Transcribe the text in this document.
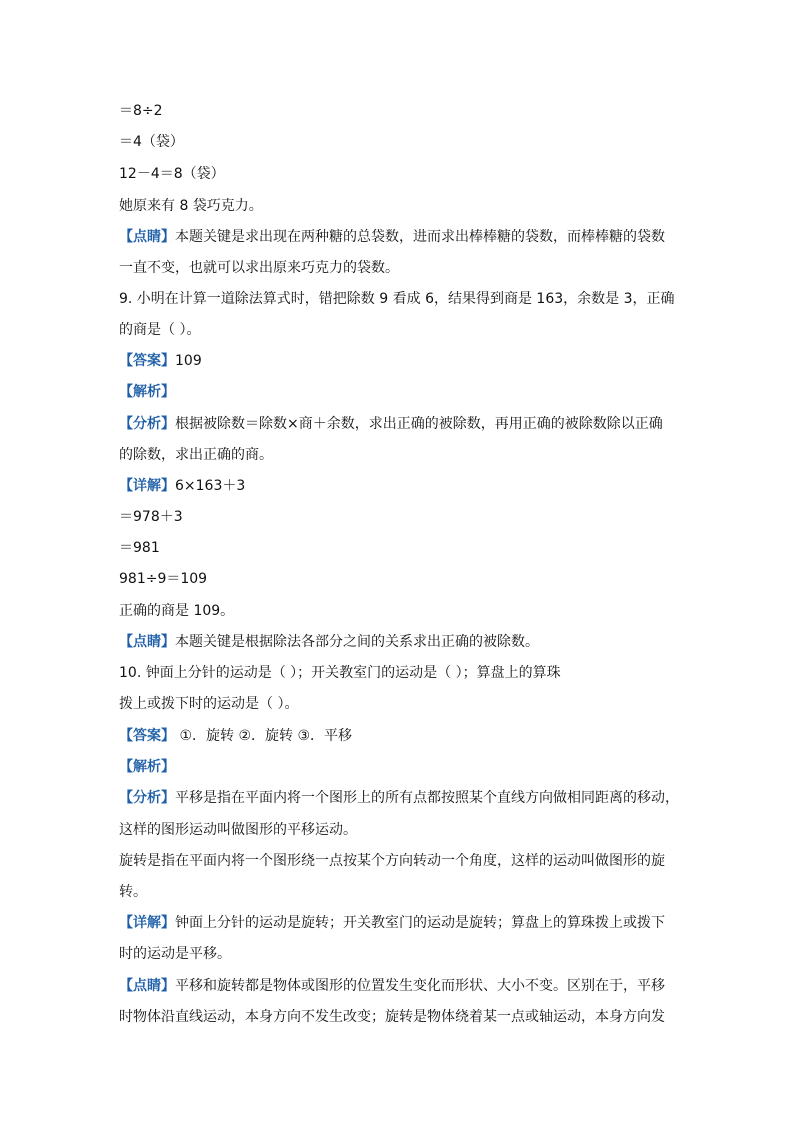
＝8÷2
＝4（袋）
12－4＝8（袋）
她原来有 8 袋巧克力。
【点睛】本题关键是求出现在两种糖的总袋数，进而求出棒棒糖的袋数，而棒棒糖的袋数
一直不变，也就可以求出原来巧克力的袋数。
9. 小明在计算一道除法算式时，错把除数 9 看成 6，结果得到商是 163，余数是 3，正确
的商是（ ）。
【答案】109
【解析】
【分析】根据被除数＝除数×商＋余数，求出正确的被除数，再用正确的被除数除以正确
的除数，求出正确的商。
【详解】6×163＋3
＝978＋3
＝981
981÷9＝109
正确的商是 109。
【点睛】本题关键是根据除法各部分之间的关系求出正确的被除数。
10. 钟面上分针的运动是（ ）；开关教室门的运动是（ ）；算盘上的算珠
拨上或拨下时的运动是（ ）。
【答案】 ①．旋转 ②．旋转 ③．平移
【解析】
【分析】平移是指在平面内将一个图形上的所有点都按照某个直线方向做相同距离的移动，
这样的图形运动叫做图形的平移运动。
旋转是指在平面内将一个图形绕一点按某个方向转动一个角度，这样的运动叫做图形的旋
转。
【详解】钟面上分针的运动是旋转；开关教室门的运动是旋转；算盘上的算珠拨上或拨下
时的运动是平移。
【点睛】平移和旋转都是物体或图形的位置发生变化而形状、大小不变。区别在于，平移
时物体沿直线运动，本身方向不发生改变；旋转是物体绕着某一点或轴运动，本身方向发
